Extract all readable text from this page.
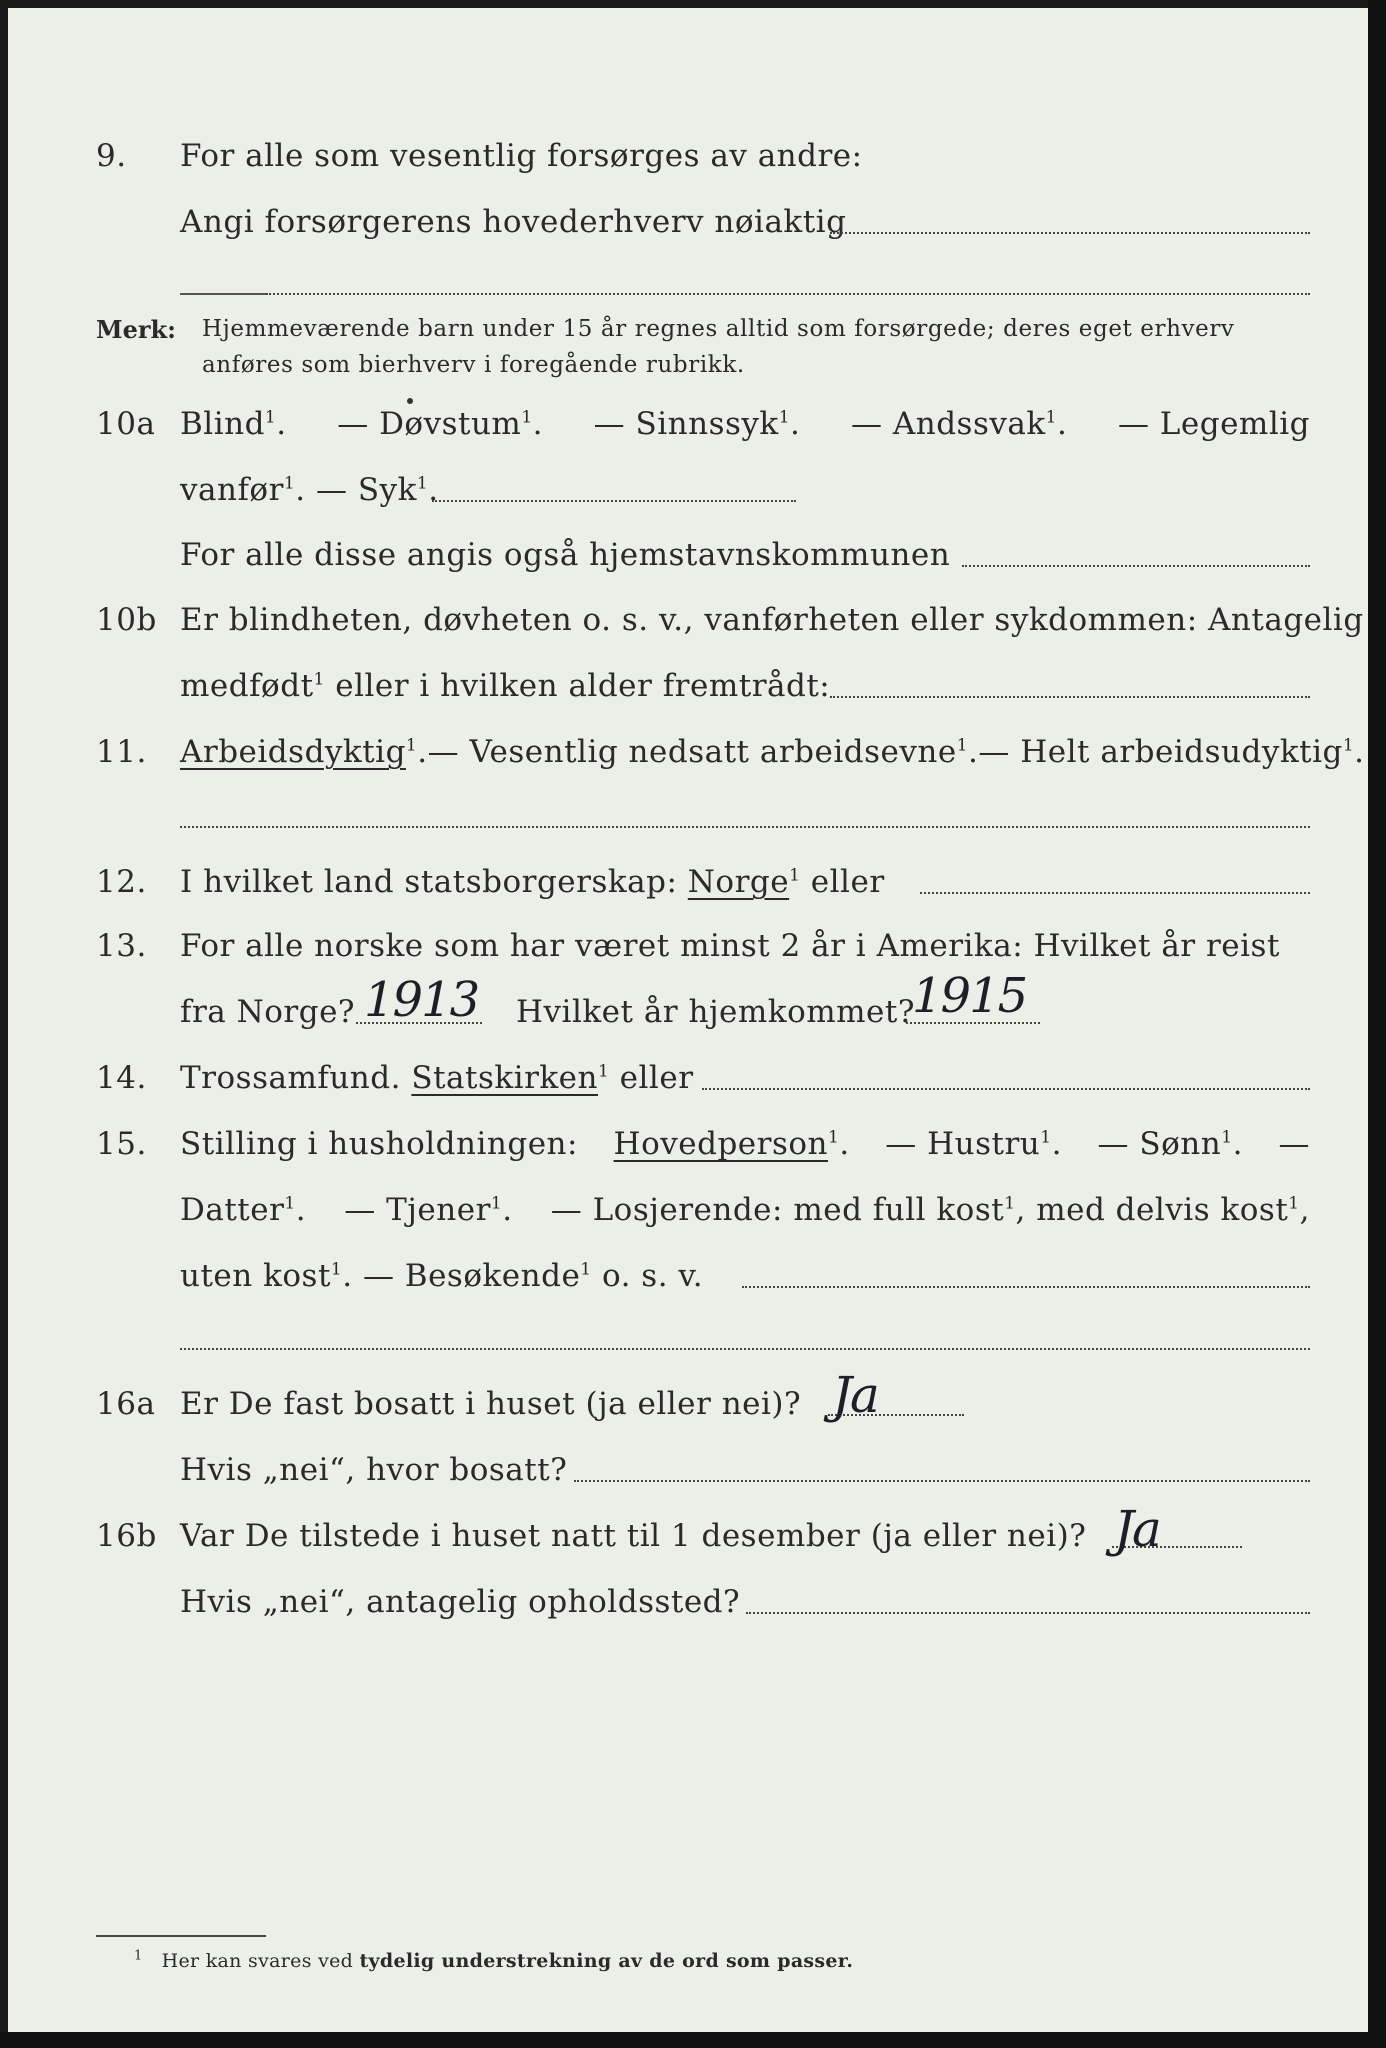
9. For alle som vesentlig forsørges av andre:
Angi forsørgerens hovederhverv nøiaktig
Merk: Hjemmeværende barn under 15 år regnes alltid som forsørgede; deres eget erhverv
anføres som bierhverv i foregående rubrikk.
10a Blind$^1$. — Døvstum$^1$. — Sinnssyk$^1$. — Andssvak$^1$. — Legemlig
vanfør$^1$. — Syk$^1$.
For alle disse angis også hjemstavnskommunen
10b Er blindheten, døvheten o. s. v., vanførheten eller sykdommen: Antagelig
medfødt$^1$ eller i hvilken alder fremtrådt:
11. Arbeidsdyktig$^1$. — Vesentlig nedsatt arbeidsevne$^1$. — Helt arbeidsudyktig$^1$.
12. I hvilket land statsborgerskap: Norge$^1$ eller
13. For alle norske som har været minst 2 år i Amerika: Hvilket år reist
fra Norge? 1913 Hvilket år hjemkommet?
1915
14. Trossamfund. Statskirken$^1$ eller
15. Stilling i husholdningen: Hovedperson$^1$. — Hustru$^1$. — Sønn$^1$. —
Datter$^1$. — Tjener$^1$. — Losjerende: med full kost$^1$, med delvis kost$^1$,
uten kost$^1$. — Besøkende$^1$ o. s. v.
16a Er De fast bosatt i huset (ja eller nei)? Ja
Hvis „nei“, hvor bosatt?
16b Var De tilstede i huset natt til 1 desember (ja eller nei)? Ja
Hvis „nei“, antagelig opholdssted?
$^1$ Her kan svares ved tydelig understrekning av de ord som passer.
